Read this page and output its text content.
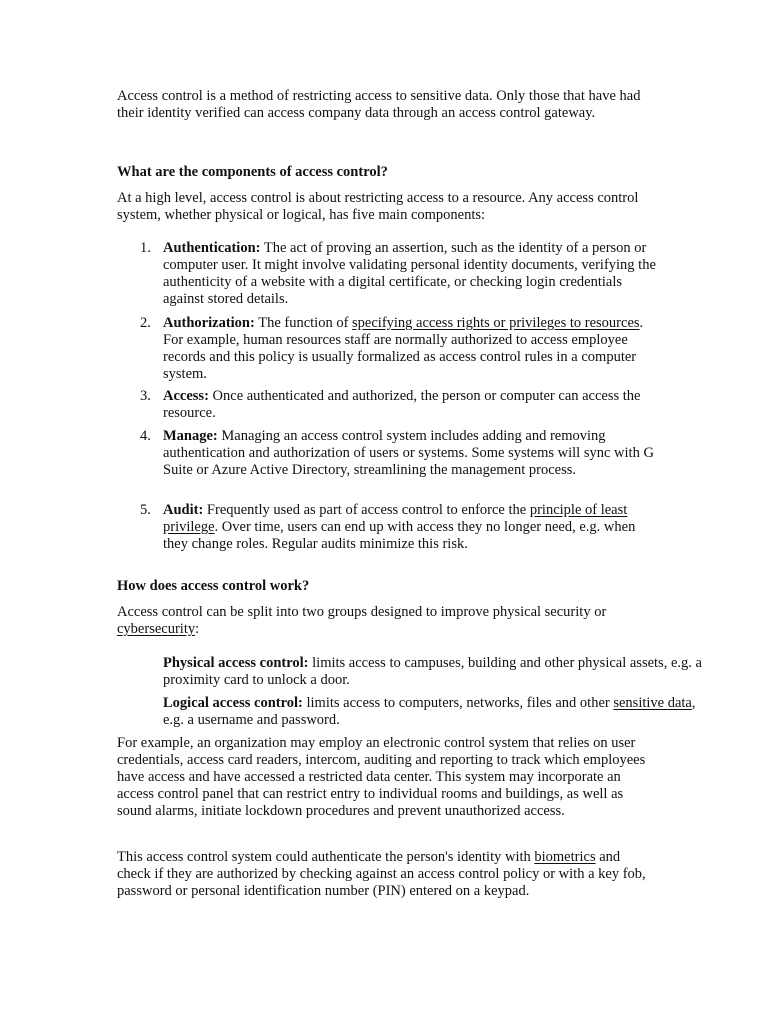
Access control is a method of restricting access to sensitive data. Only those that have had their identity verified can access company data through an access control gateway.

What are the components of access control?

At a high level, access control is about restricting access to a resource. Any access control system, whether physical or logical, has five main components:

1. Authentication: The act of proving an assertion, such as the identity of a person or computer user. It might involve validating personal identity documents, verifying the authenticity of a website with a digital certificate, or checking login credentials against stored details.
2. Authorization: The function of specifying access rights or privileges to resources. For example, human resources staff are normally authorized to access employee records and this policy is usually formalized as access control rules in a computer system.
3. Access: Once authenticated and authorized, the person or computer can access the resource.
4. Manage: Managing an access control system includes adding and removing authentication and authorization of users or systems. Some systems will sync with G Suite or Azure Active Directory, streamlining the management process.
5. Audit: Frequently used as part of access control to enforce the principle of least privilege. Over time, users can end up with access they no longer need, e.g. when they change roles. Regular audits minimize this risk.

How does access control work?

Access control can be split into two groups designed to improve physical security or cybersecurity:

Physical access control: limits access to campuses, building and other physical assets, e.g. a proximity card to unlock a door.

Logical access control: limits access to computers, networks, files and other sensitive data, e.g. a username and password.

For example, an organization may employ an electronic control system that relies on user credentials, access card readers, intercom, auditing and reporting to track which employees have access and have accessed a restricted data center. This system may incorporate an access control panel that can restrict entry to individual rooms and buildings, as well as sound alarms, initiate lockdown procedures and prevent unauthorized access.

This access control system could authenticate the person's identity with biometrics and check if they are authorized by checking against an access control policy or with a key fob, password or personal identification number (PIN) entered on a keypad.
